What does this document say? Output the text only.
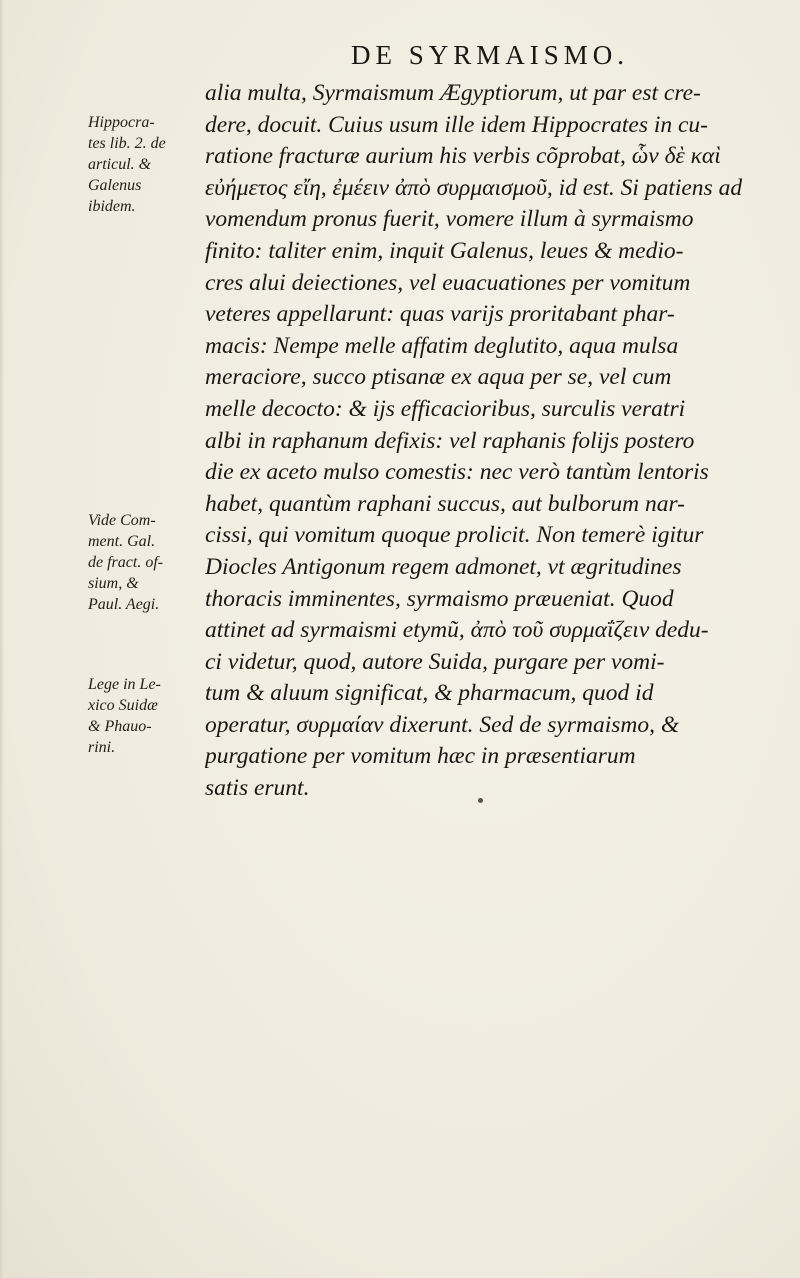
DE SYRMAISMO.
Hippocra-
tes lib. 2. de
articul. &
Galenus
ibidem.
Vide Com-
ment. Gal.
de fract. of-
sium, &
Paul. Aegi.
Lege in Le-
xico Suidæ
& Phauo-
rini.
alia multa, Syrmaismum Ægyptiorum, ut par est cre-
dere, docuit. Cuius usum ille idem Hippocrates in cu-
ratione fracturæ aurium his verbis cõprobat, ὧν δὲ καὶ
εὐήμετος εἴη, ἐμέειν ἀπὸ συρμαισμοῦ, id est. Si patiens ad
vomendum pronus fuerit, vomere illum à syrmaismo
finito: taliter enim, inquit Galenus, leues & medio-
cres alui deiectiones, vel euacuationes per vomitum
veteres appellarunt: quas varijs proritabant phar-
macis: Nempe melle affatim deglutito, aqua mulsa
meraciore, succo ptisanæ ex aqua per se, vel cum
melle decocto: & ijs efficacioribus, surculis veratri
albi in raphanum defixis: vel raphanis folijs postero
die ex aceto mulso comestis: nec verò tantùm lentoris
habet, quantùm raphani succus, aut bulborum nar-
cissi, qui vomitum quoque prolicit. Non temerè igitur
Diocles Antigonum regem admonet, vt ægritudines
thoracis imminentes, syrmaismo præueniat. Quod
attinet ad syrmaismi etymũ, ἀπὸ τοῦ συρμαΐζειν dedu-
ci videtur, quod, autore Suida, purgare per vomi-
tum & aluum significat, & pharmacum, quod id
operatur, συρμαίαν dixerunt. Sed de syrmaismo, &
purgatione per vomitum hæc in præsentiarum
satis erunt.
